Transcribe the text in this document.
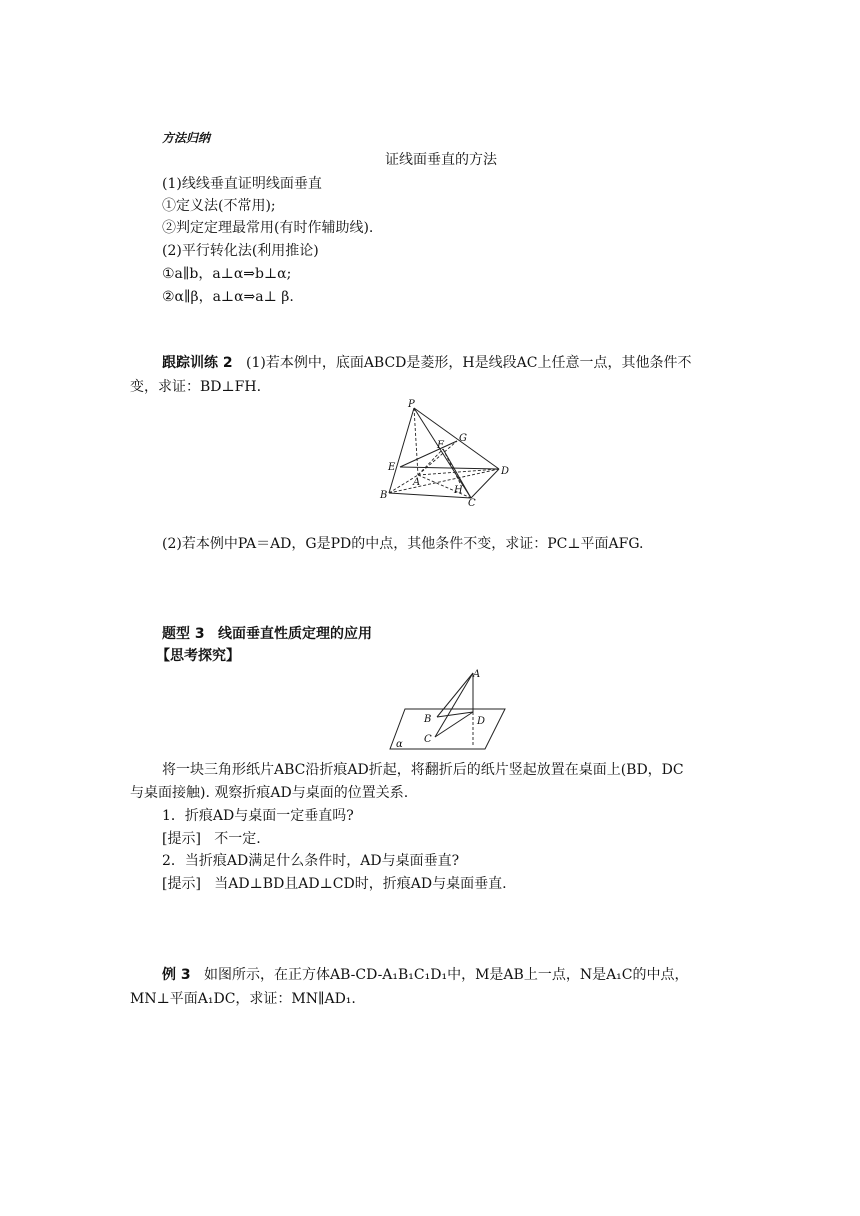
方法归纳
证线面垂直的方法
(1)线线垂直证明线面垂直
①定义法(不常用);
②判定定理最常用(有时作辅助线).
(2)平行转化法(利用推论)
①a∥b，a⊥α⇒b⊥α;
②α∥β，a⊥α⇒a⊥ β.
跟踪训练 2 (1)若本例中，底面ABCD是菱形，H是线段AC上任意一点，其他条件不
变，求证：BD⊥FH.
P
G
F
E
A
D
H
B
C
(2)若本例中PA＝AD，G是PD的中点，其他条件不变，求证：PC⊥平面AFG.
题型 3 线面垂直性质定理的应用
【思考探究】
A
B	D
C
α
将一块三角形纸片ABC沿折痕AD折起，将翻折后的纸片竖起放置在桌面上(BD，DC
与桌面接触). 观察折痕AD与桌面的位置关系.
1．折痕AD与桌面一定垂直吗?
[提示] 不一定.
2．当折痕AD满足什么条件时，AD与桌面垂直?
[提示] 当AD⊥BD且AD⊥CD时，折痕AD与桌面垂直.
例 3 如图所示，在正方体AB-CD-A₁B₁C₁D₁中，M是AB上一点，N是A₁C的中点，
MN⊥平面A₁DC，求证：MN∥AD₁.
